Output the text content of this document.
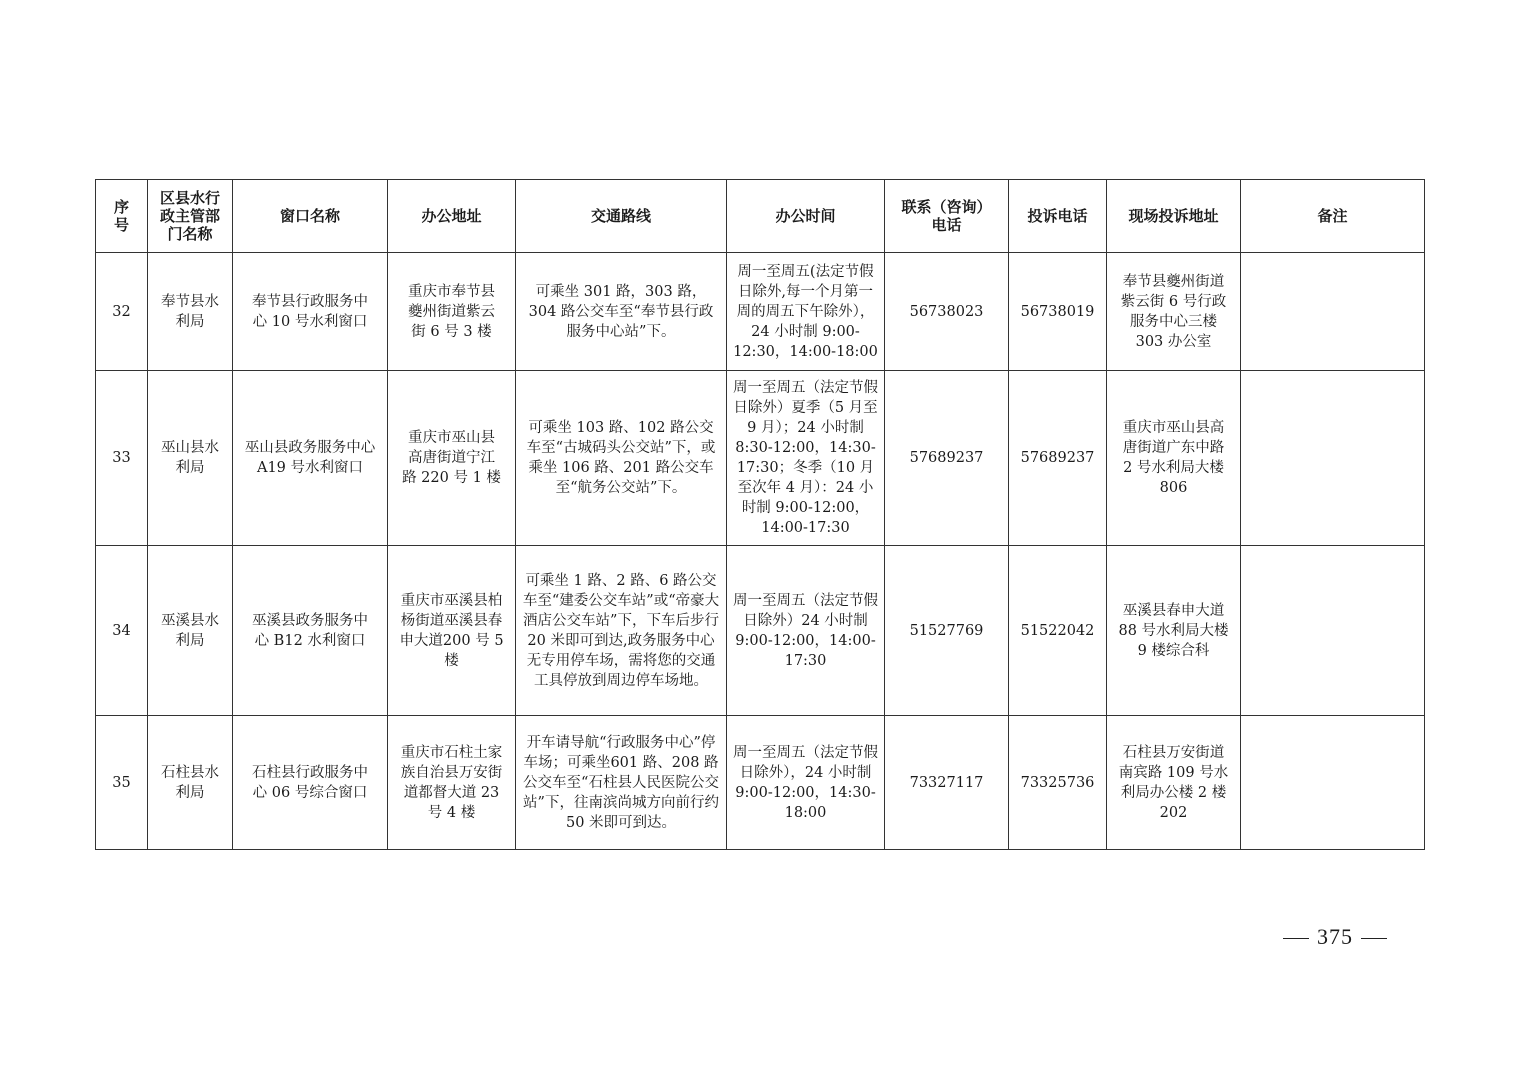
序号	区县水行政主管部门名称	窗口名称	办公地址	交通路线	办公时间	联系（咨询）电话	投诉电话	现场投诉地址	备注
32	奉节县水利局	奉节县行政服务中心 10 号水利窗口	重庆市奉节县夔州街道紫云街 6 号 3 楼	可乘坐 301 路，303 路，304 路公交车至“奉节县行政服务中心站”下。	周一至周五(法定节假日除外,每一个月第一周的周五下午除外），24 小时制 9:00-12:30，14:00-18:00	56738023	56738019	奉节县夔州街道紫云街 6 号行政服务中心三楼 303 办公室	
33	巫山县水利局	巫山县政务服务中心 A19 号水利窗口	重庆市巫山县高唐街道宁江路 220 号 1 楼	可乘坐 103 路、102 路公交车至“古城码头公交站”下，或乘坐 106 路、201 路公交车至“航务公交站”下。	周一至周五（法定节假日除外）夏季（5 月至 9 月）；24 小时制 8:30-12:00，14:30-17:30；冬季（10 月至次年 4 月）：24 小时制 9:00-12:00，14:00-17:30	57689237	57689237	重庆市巫山县高唐街道广东中路 2 号水利局大楼 806	
34	巫溪县水利局	巫溪县政务服务中心 B12 水利窗口	重庆市巫溪县柏杨街道巫溪县春申大道200 号 5 楼	可乘坐 1 路、2 路、6 路公交车至“建委公交车站”或“帝豪大酒店公交车站”下，下车后步行 20 米即可到达,政务服务中心无专用停车场，需将您的交通工具停放到周边停车场地。	周一至周五（法定节假日除外）24 小时制 9:00-12:00，14:00-17:30	51527769	51522042	巫溪县春申大道 88 号水利局大楼 9 楼综合科	
35	石柱县水利局	石柱县行政服务中心 06 号综合窗口	重庆市石柱土家族自治县万安街道都督大道 23 号 4 楼	开车请导航“行政服务中心”停车场；可乘坐601 路、208 路公交车至“石柱县人民医院公交站”下，往南滨尚城方向前行约 50 米即可到达。	周一至周五（法定节假日除外），24 小时制 9:00-12:00，14:30-18:00	73327117	73325736	石柱县万安街道南宾路 109 号水利局办公楼 2 楼 202	
375
